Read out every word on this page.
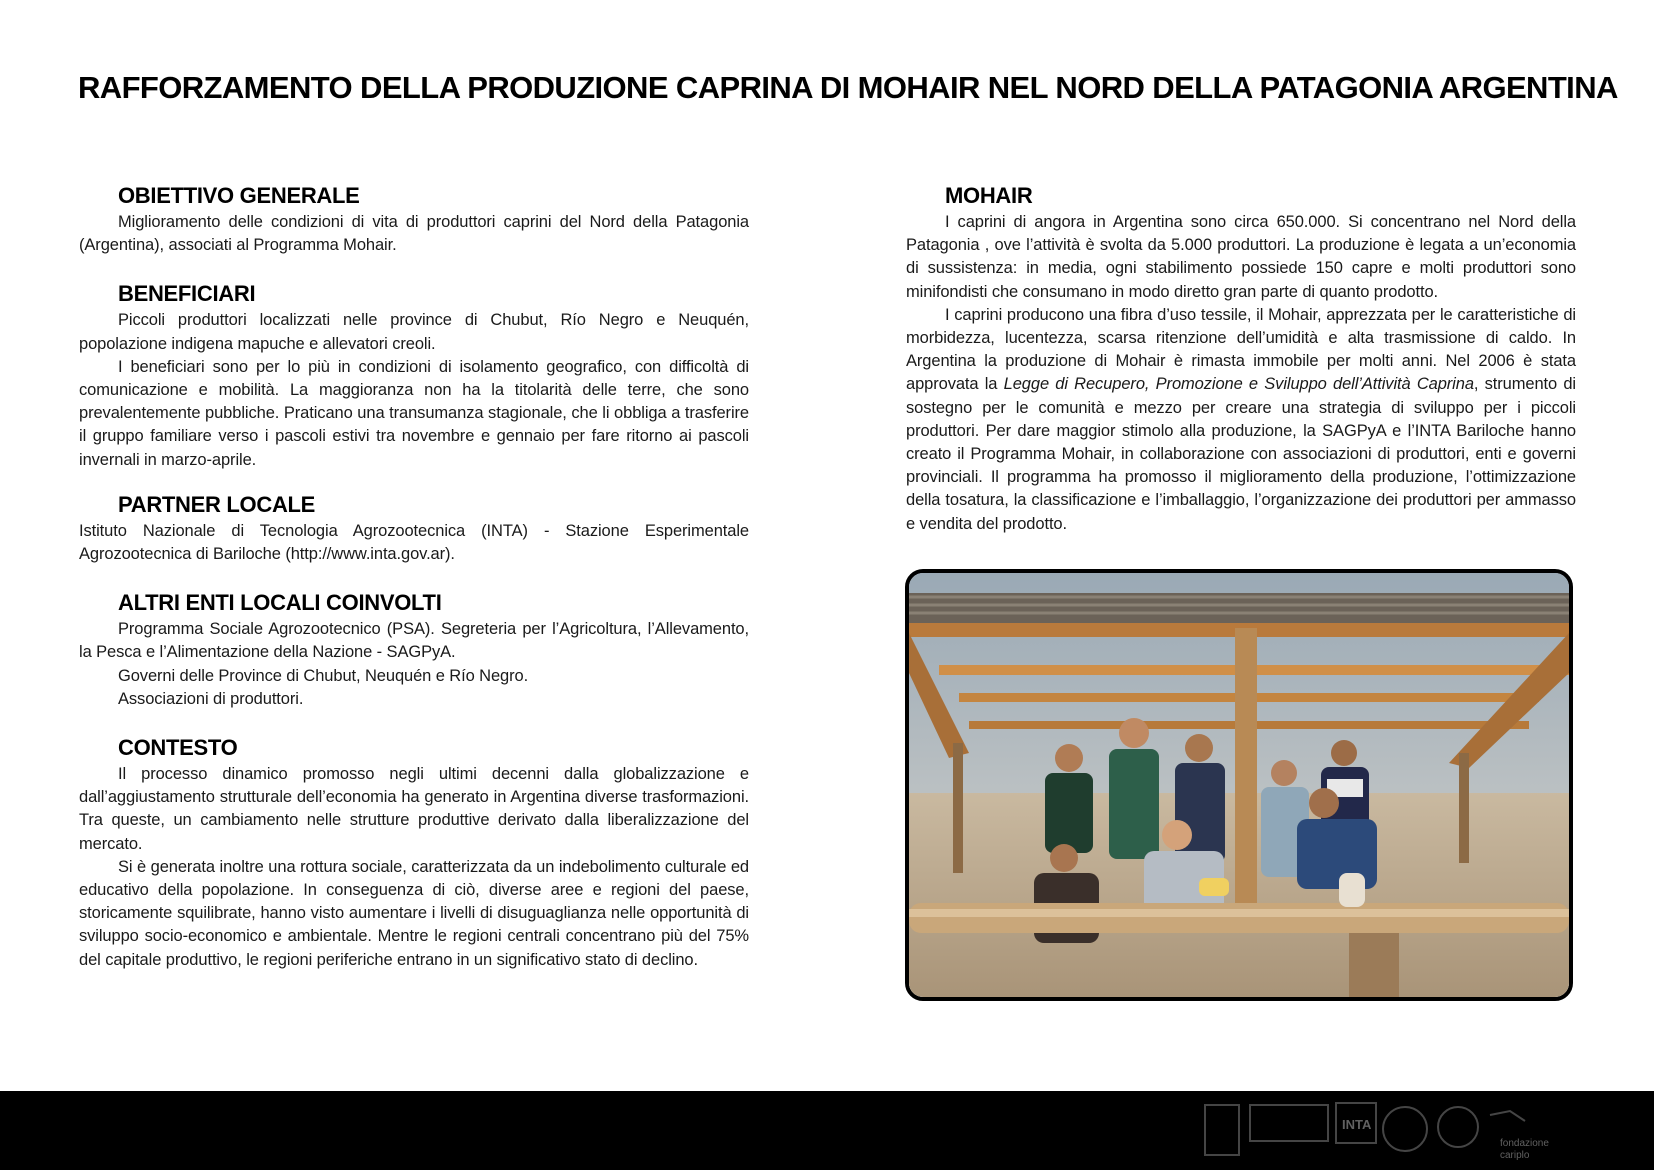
RAFFORZAMENTO DELLA PRODUZIONE CAPRINA DI MOHAIR NEL NORD DELLA PATAGONIA ARGENTINA
OBIETTIVO GENERALE

Miglioramento delle condizioni di vita di produttori caprini del Nord della Patagonia (Argentina), associati al Programma Mohair.

BENEFICIARI

Piccoli produttori localizzati nelle province di Chubut, Río Negro e Neuquén, popolazione indigena mapuche e allevatori creoli.

I beneficiari sono per lo più in condizioni di isolamento geografico, con difficoltà di comunicazione e mobilità. La maggioranza non ha la titolarità delle terre, che sono prevalentemente pubbliche. Praticano una transumanza stagionale, che li obbliga a trasferire il gruppo familiare verso i pascoli estivi tra novembre e gennaio per fare ritorno ai pascoli invernali in marzo-aprile.

PARTNER LOCALE

Istituto Nazionale di Tecnologia Agrozootecnica (INTA) - Stazione Esperimentale Agrozootecnica di Bariloche (http://www.inta.gov.ar).

ALTRI ENTI LOCALI COINVOLTI

Programma Sociale Agrozootecnico (PSA). Segreteria per l’Agricoltura, l’Allevamento, la Pesca e l’Alimentazione della Nazione - SAGPyA.

Governi delle Province di Chubut, Neuquén e Río Negro.

Associazioni di produttori.

CONTESTO

Il processo dinamico promosso negli ultimi decenni dalla globalizzazione e dall’aggiustamento strutturale dell’economia ha generato in Argentina diverse trasformazioni. Tra queste, un cambiamento nelle strutture produttive derivato dalla liberalizzazione del mercato.

Si è generata inoltre una rottura sociale, caratterizzata da un indebolimento culturale ed educativo della popolazione. In conseguenza di ciò, diverse aree e regioni del paese, storicamente squilibrate, hanno visto aumentare i livelli di disuguaglianza nelle opportunità di sviluppo socio-economico e ambientale. Mentre le regioni centrali concentrano più del 75% del capitale produttivo, le regioni periferiche entrano in un significativo stato di declino.

MOHAIR

I caprini di angora in Argentina sono circa 650.000. Si concentrano nel Nord della Patagonia , ove l’attività è svolta da 5.000 produttori. La produzione è legata a un’economia di sussistenza: in media, ogni stabilimento possiede 150 capre e molti produttori sono minifondisti che consumano in modo diretto gran parte di quanto prodotto.

I caprini producono una fibra d’uso tessile, il Mohair, apprezzata per le caratteristiche di morbidezza, lucentezza, scarsa ritenzione dell’umidità e alta trasmissione di caldo. In Argentina la produzione di Mohair è rimasta immobile per molti anni. Nel 2006 è stata approvata la Legge di Recupero, Promozione e Sviluppo dell’Attività Caprina, strumento di sostegno per le comunità e mezzo per creare una strategia di sviluppo per i piccoli produttori. Per dare maggior stimolo alla produzione, la SAGPyA e l’INTA Bariloche hanno creato il Programma Mohair, in collaborazione con associazioni di produttori, enti e governi provinciali. Il programma ha promosso il miglioramento della produzione, l’ottimizzazione della tosatura, la classificazione e l’imballaggio, l’organizzazione dei produttori per ammasso e vendita del prodotto.

INTA
fondazione
cariplo
